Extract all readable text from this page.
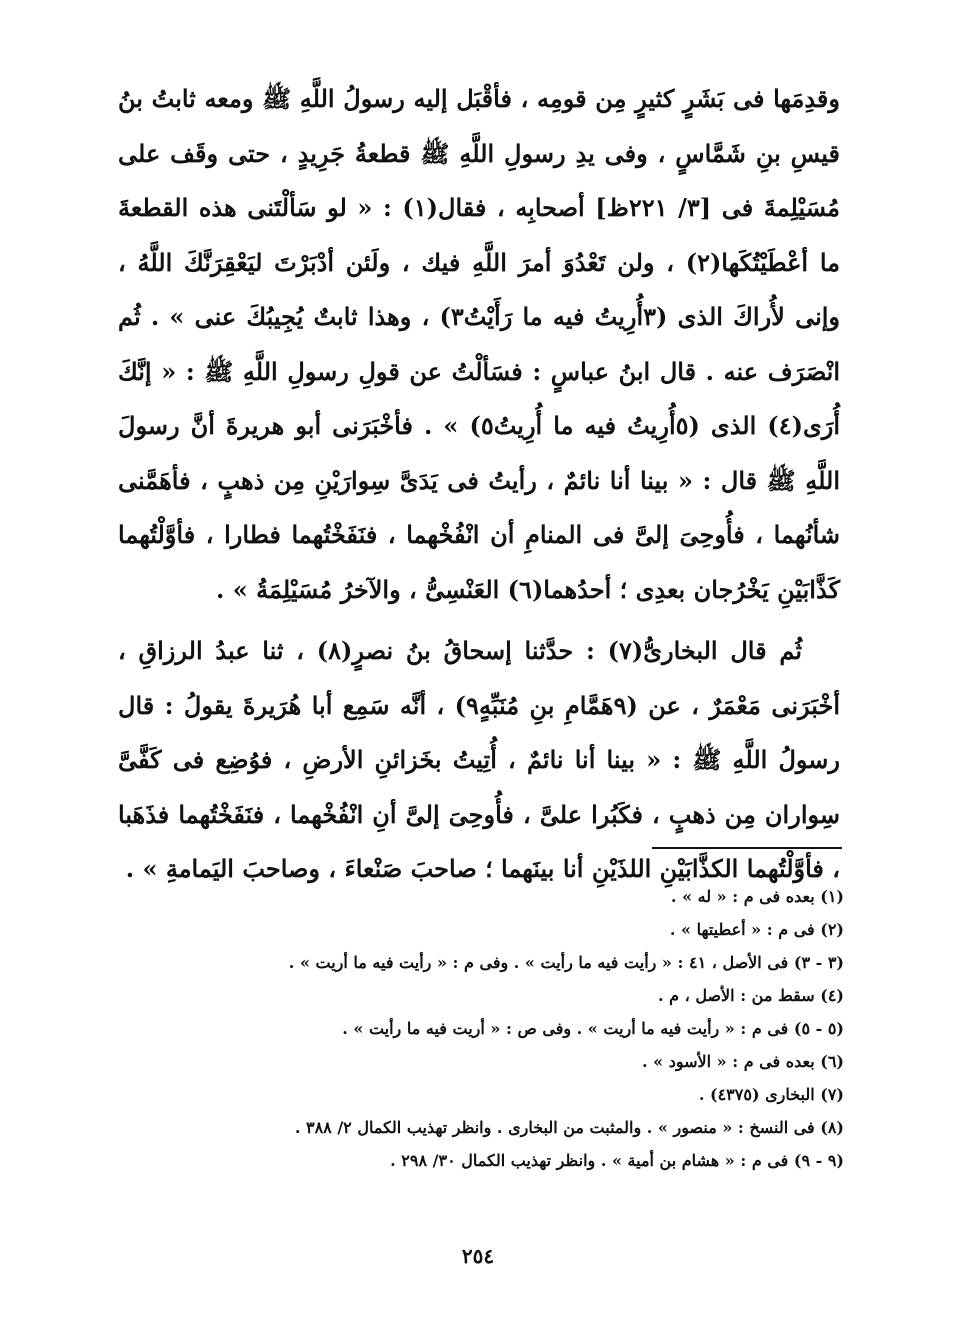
وقدِمَها فى بَشَرٍ كثيرٍ مِن قومِه ، فأقْبَل إليه رسولُ اللَّهِ ﷺ ومعه ثابتُ بنُ قيسِ بنِ شَمَّاسٍ ، وفى يدِ رسولِ اللَّهِ ﷺ قطعةُ جَرِيدٍ ، حتى وقَف على مُسَيْلِمةَ فى [٣/ ٢٢١ظ] أصحابِه ، فقال(١) : « لو سَألْتَنى هذه القطعةَ ما أعْطَيْتُكَها(٢) ، ولن تَعْدُوَ أمرَ اللَّهِ فيك ، ولَئن أدْبَرْتَ ليَعْقِرَنَّكَ اللَّهُ ، وإنى لأُراكَ الذى (٣أُرِيتُ فيه ما رَأَيْتُ٣) ، وهذا ثابتٌ يُجِيبُكَ عنى » . ثُم انْصَرَف عنه . قال ابنُ عباسٍ : فسَألْتُ عن قولِ رسولِ اللَّهِ ﷺ : « إنَّكَ أُرَى(٤) الذى (٥أُرِيتُ فيه ما أُرِيتُ٥) » . فأخْبَرَنى أبو هريرةَ أنَّ رسولَ اللَّهِ ﷺ قال : « بينا أنا نائمٌ ، رأيتُ فى يَدَىَّ سِوارَيْنِ مِن ذهبٍ ، فأهَمَّنى شأنُهما ، فأُوحِىَ إلىَّ فى المنامِ أن انْفُخْهما ، فنَفَخْتُهما فطارا ، فأوَّلْتُهما كَذَّابَيْنِ يَخْرُجان بعدِى ؛ أحدُهما(٦) العَنْسِىُّ ، والآخرُ مُسَيْلِمَةُ » .

ثُم قال البخارىُّ(٧) : حدَّثنا إسحاقُ بنُ نصرٍ(٨) ، ثنا عبدُ الرزاقِ ، أخْبَرَنى مَعْمَرٌ ، عن (٩هَمَّامِ بنِ مُنَبِّهٍ٩) ، أنَّه سَمِع أبا هُرَيرةَ يقولُ : قال رسولُ اللَّهِ ﷺ : « بينا أنا نائمٌ ، أُتِيتُ بخَزائنِ الأرضِ ، فوُضِع فى كَفَّىَّ سِواران مِن ذهبٍ ، فكَبُرا علىَّ ، فأُوحِىَ إلىَّ أنِ انْفُخْهما ، فنَفَخْتُهما فذَهَبا ، فأوَّلْتُهما الكذَّابَيْنِ اللذَيْنِ أنا بينَهما ؛ صاحبَ صَنْعاءَ ، وصاحبَ اليَمامةِ » .

(١) بعده فى م : « له » .
(٢) فى م : « أعطيتها » .
(٣ - ٣) فى الأصل ، ٤١ : « رأيت فيه ما رأيت » . وفى م : « رأيت فيه ما أريت » .
(٤) سقط من : الأصل ، م .
(٥ - ٥) فى م : « رأيت فيه ما أريت » . وفى ص : « أريت فيه ما رأيت » .
(٦) بعده فى م : « الأسود » .
(٧) البخارى (٤٣٧٥) .
(٨) فى النسخ : « منصور » . والمثبت من البخارى . وانظر تهذيب الكمال ٢/ ٣٨٨ .
(٩ - ٩) فى م : « هشام بن أمية » . وانظر تهذيب الكمال ٣٠/ ٢٩٨ .
٢٥٤
